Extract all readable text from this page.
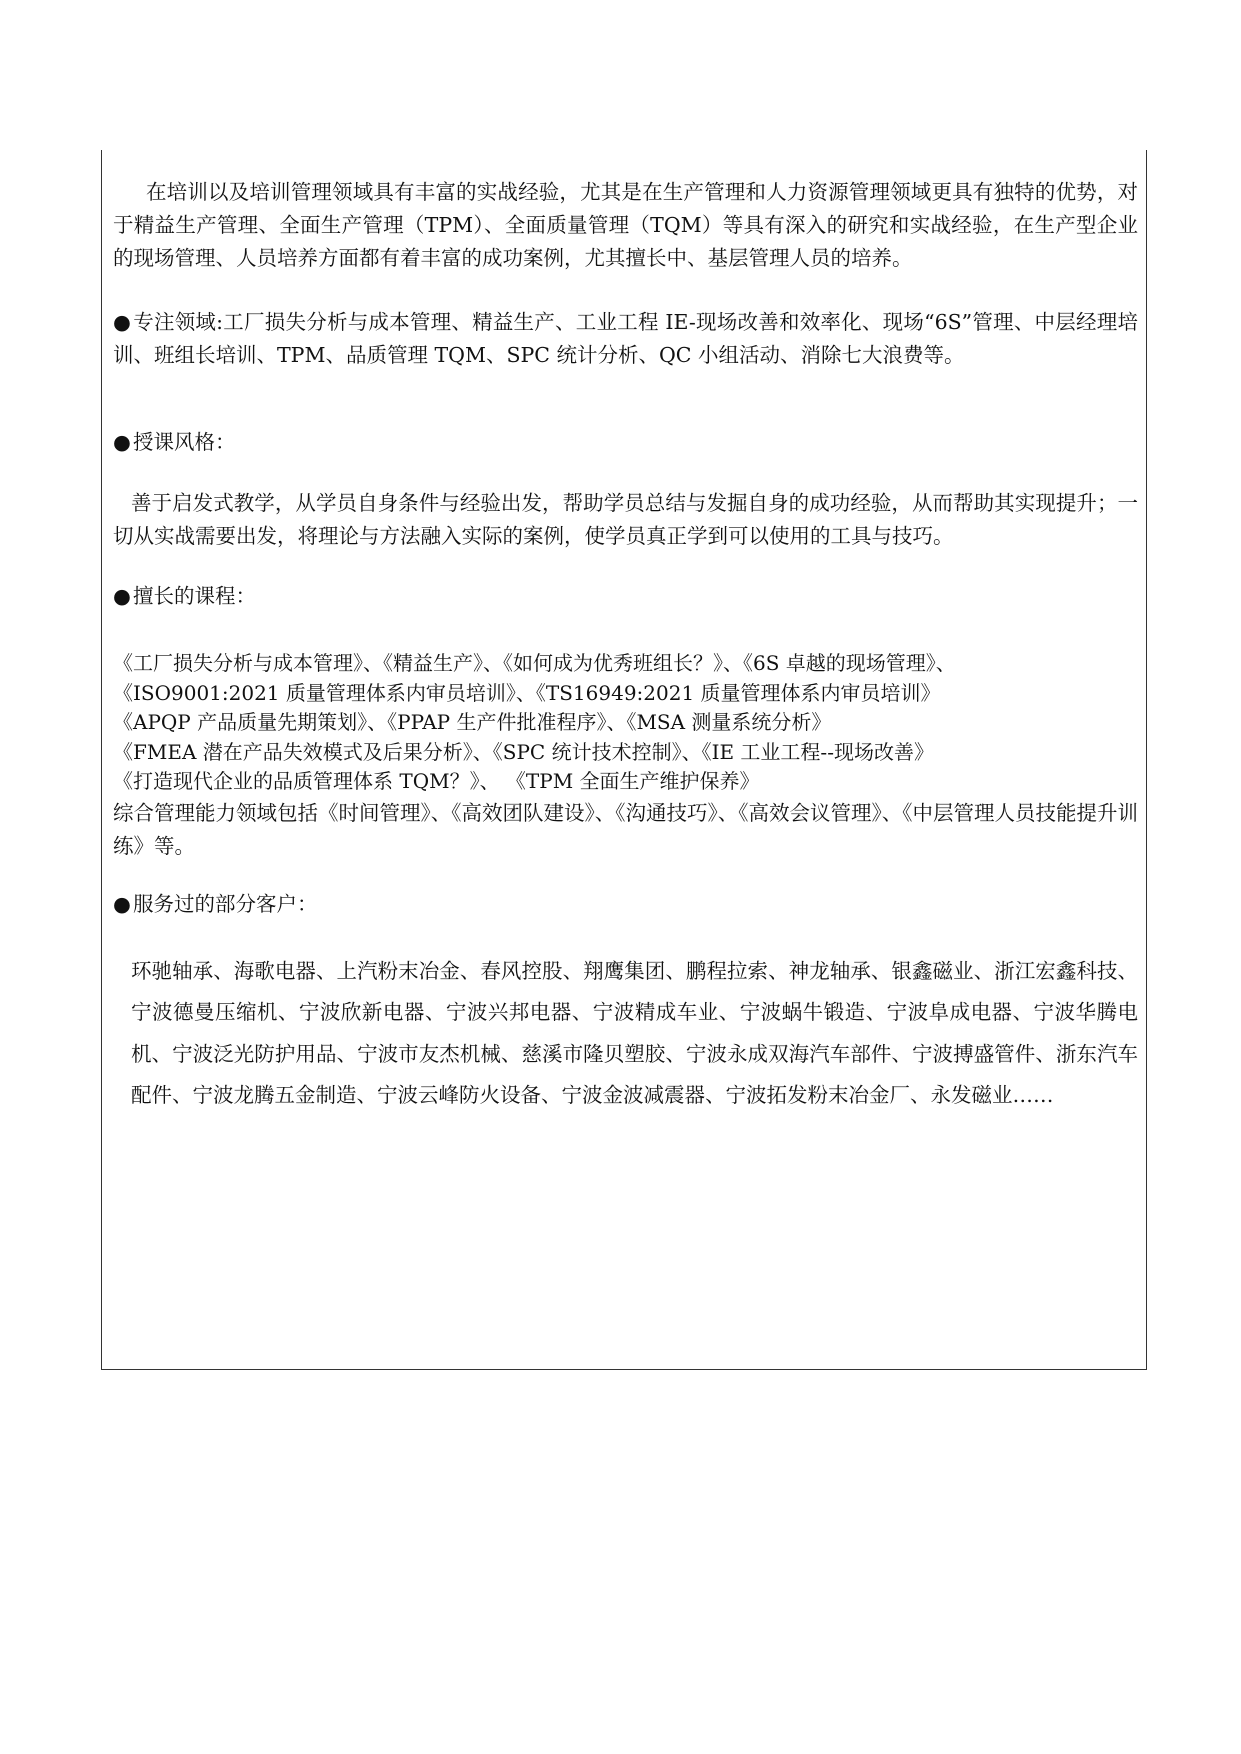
在培训以及培训管理领域具有丰富的实战经验，尤其是在生产管理和人力资源管理领域更具有独特的优势，对于精益生产管理、全面生产管理（TPM）、全面质量管理（TQM）等具有深入的研究和实战经验，在生产型企业的现场管理、人员培养方面都有着丰富的成功案例，尤其擅长中、基层管理人员的培养。

● 专注领域:工厂损失分析与成本管理、精益生产、工业工程 IE-现场改善和效率化、现场“6S”管理、中层经理培训、班组长培训、TPM、品质管理 TQM、SPC 统计分析、QC 小组活动、消除七大浪费等。

● 授课风格：

善于启发式教学，从学员自身条件与经验出发，帮助学员总结与发掘自身的成功经验，从而帮助其实现提升；一切从实战需要出发，将理论与方法融入实际的案例，使学员真正学到可以使用的工具与技巧。

● 擅长的课程：

《工厂损失分析与成本管理》、《精益生产》、《如何成为优秀班组长？》、《6S 卓越的现场管理》、

《ISO9001:2021 质量管理体系内审员培训》、《TS16949:2021 质量管理体系内审员培训》

《APQP 产品质量先期策划》、《PPAP 生产件批准程序》、《MSA 测量系统分析》

《FMEA 潜在产品失效模式及后果分析》、《SPC 统计技术控制》、《IE 工业工程--现场改善》

《打造现代企业的品质管理体系 TQM？》、 《TPM 全面生产维护保养》

综合管理能力领域包括《时间管理》、《高效团队建设》、《沟通技巧》、《高效会议管理》、《中层管理人员技能提升训练》等。

● 服务过的部分客户：

环驰轴承、海歌电器、上汽粉末冶金、春风控股、翔鹰集团、鹏程拉索、神龙轴承、银鑫磁业、浙江宏鑫科技、宁波德曼压缩机、宁波欣新电器、宁波兴邦电器、宁波精成车业、宁波蜗牛锻造、宁波阜成电器、宁波华腾电机、宁波泛光防护用品、宁波市友杰机械、慈溪市隆贝塑胶、宁波永成双海汽车部件、宁波搏盛管件、浙东汽车配件、宁波龙腾五金制造、宁波云峰防火设备、宁波金波减震器、宁波拓发粉末冶金厂、永发磁业……
